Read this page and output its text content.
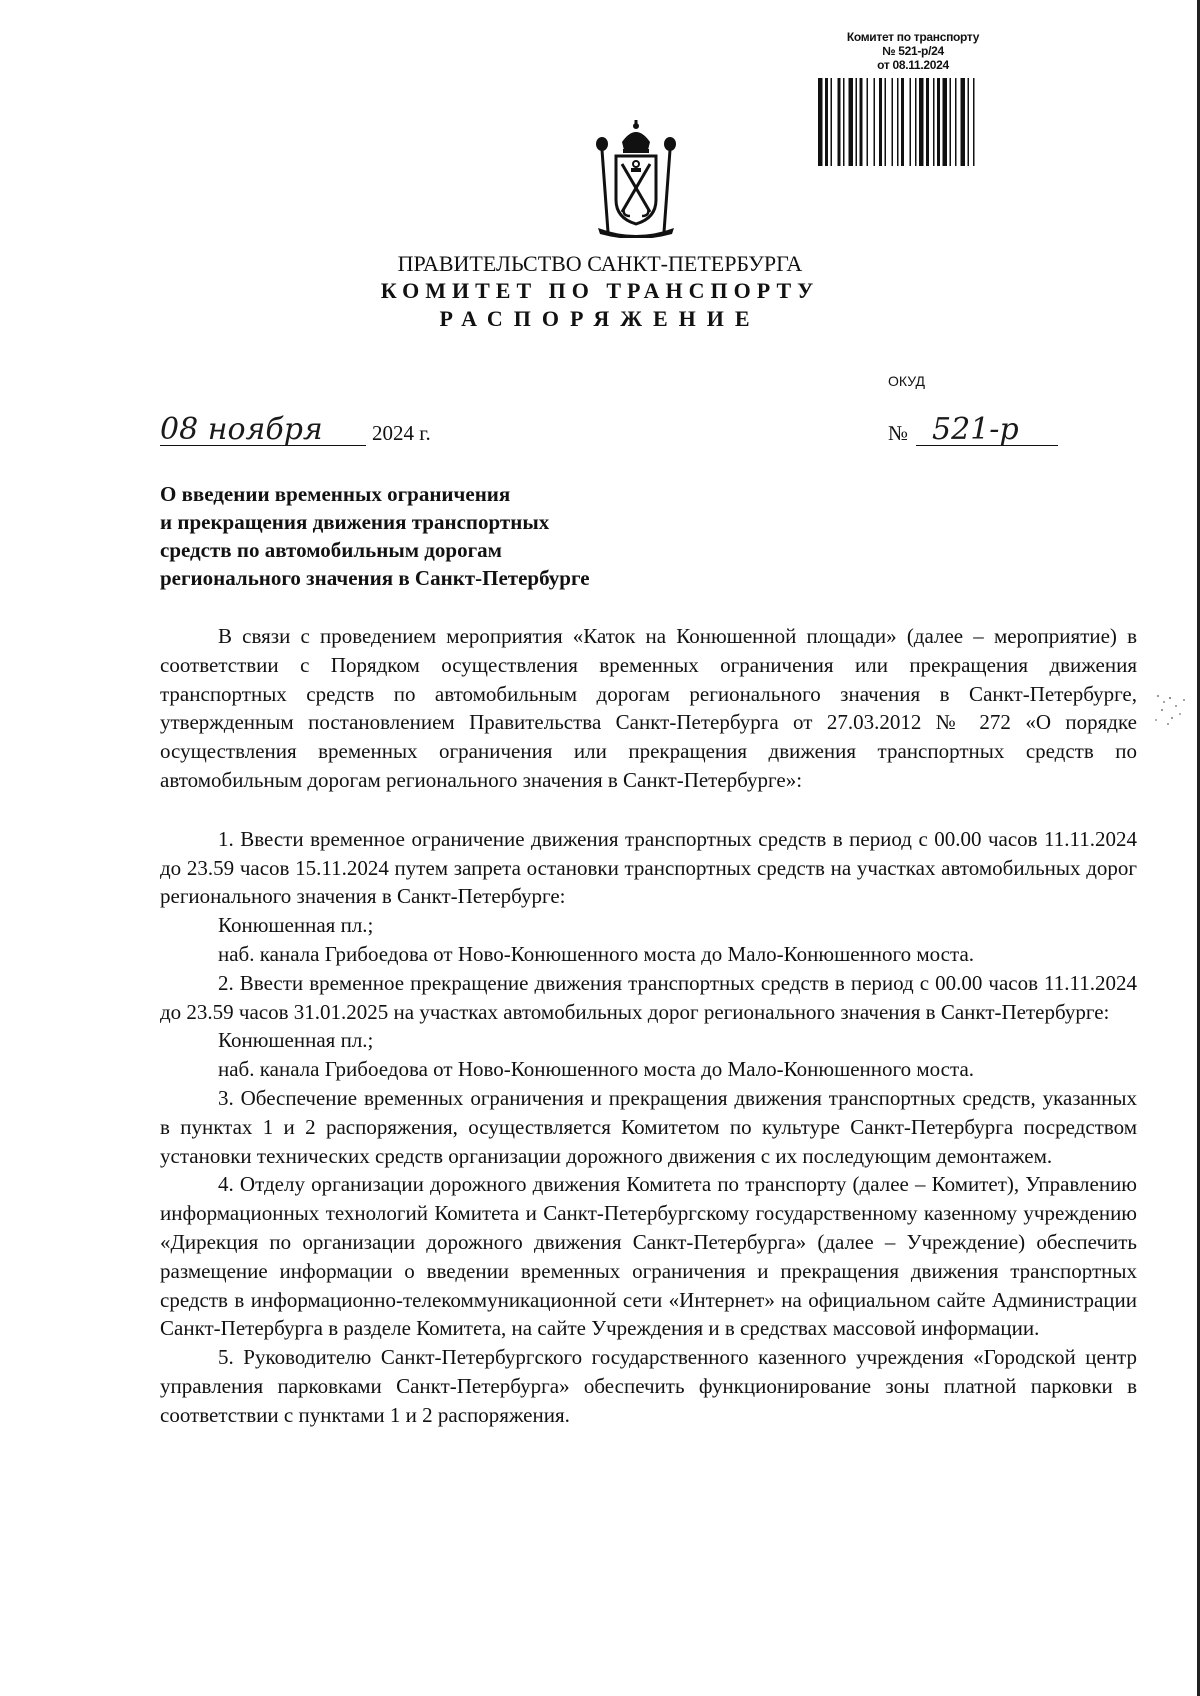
Комитет по транспорту
№ 521-р/24
от 08.11.2024
ПРАВИТЕЛЬСТВО САНКТ-ПЕТЕРБУРГА
КОМИТЕТ ПО ТРАНСПОРТУ
РАСПОРЯЖЕНИЕ
ОКУД
08 ноября	2024 г.	№ 521-р
О введении временных ограничения
и прекращения движения транспортных
средств по автомобильным дорогам
регионального значения в Санкт-Петербурге

В связи с проведением мероприятия «Каток на Конюшенной площади» (далее – мероприятие) в соответствии с Порядком осуществления временных ограничения или прекращения движения транспортных средств по автомобильным дорогам регионального значения в Санкт-Петербурге, утвержденным постановлением Правительства Санкт-Петербурга от 27.03.2012 № 272 «О порядке осуществления временных ограничения или прекращения движения транспортных средств по автомобильным дорогам регионального значения в Санкт-Петербурге»:

1. Ввести временное ограничение движения транспортных средств в период с 00.00 часов 11.11.2024 до 23.59 часов 15.11.2024 путем запрета остановки транспортных средств на участках автомобильных дорог регионального значения в Санкт-Петербурге:

Конюшенная пл.;

наб. канала Грибоедова от Ново-Конюшенного моста до Мало-Конюшенного моста.

2. Ввести временное прекращение движения транспортных средств в период с 00.00 часов 11.11.2024 до 23.59 часов 31.01.2025 на участках автомобильных дорог регионального значения в Санкт-Петербурге:

Конюшенная пл.;

наб. канала Грибоедова от Ново-Конюшенного моста до Мало-Конюшенного моста.

3. Обеспечение временных ограничения и прекращения движения транспортных средств, указанных в пунктах 1 и 2 распоряжения, осуществляется Комитетом по культуре Санкт-Петербурга посредством установки технических средств организации дорожного движения с их последующим демонтажем.

4. Отделу организации дорожного движения Комитета по транспорту (далее – Комитет), Управлению информационных технологий Комитета и Санкт-Петербургскому государственному казенному учреждению «Дирекция по организации дорожного движения Санкт-Петербурга» (далее – Учреждение) обеспечить размещение информации о введении временных ограничения и прекращения движения транспортных средств в информационно-телекоммуникационной сети «Интернет» на официальном сайте Администрации Санкт-Петербурга в разделе Комитета, на сайте Учреждения и в средствах массовой информации.

5. Руководителю Санкт-Петербургского государственного казенного учреждения «Городской центр управления парковками Санкт-Петербурга» обеспечить функционирование зоны платной парковки в соответствии с пунктами 1 и 2 распоряжения.
